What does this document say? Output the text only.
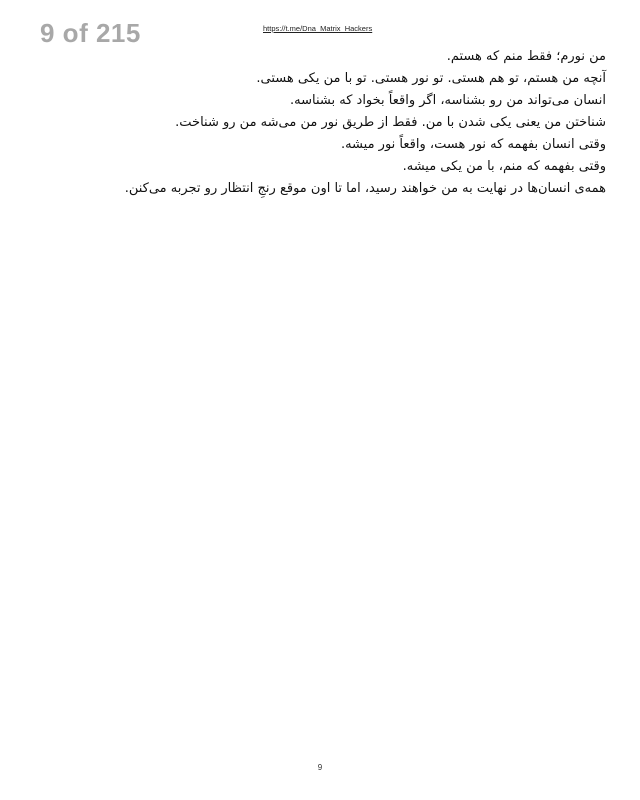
9 of 215	https://t.me/Dna_Matrix_Hackers

من نورم؛ فقط منم که هستم.

آنچه من هستم، تو هم هستی. تو نور هستی. تو با من یکی هستی.

انسان می‌تواند من رو بشناسه، اگر واقعاً بخواد که بشناسه.

شناختن من یعنی یکی شدن با من. فقط از طریق نور من می‌شه من رو شناخت.

وقتی انسان بفهمه که نور هست، واقعاً نور میشه.

وقتی بفهمه که منم، با من یکی میشه.

همه‌ی انسان‌ها در نهایت به من خواهند رسید، اما تا اون موقع رنجِ انتظار رو تجربه می‌کنن.

9
